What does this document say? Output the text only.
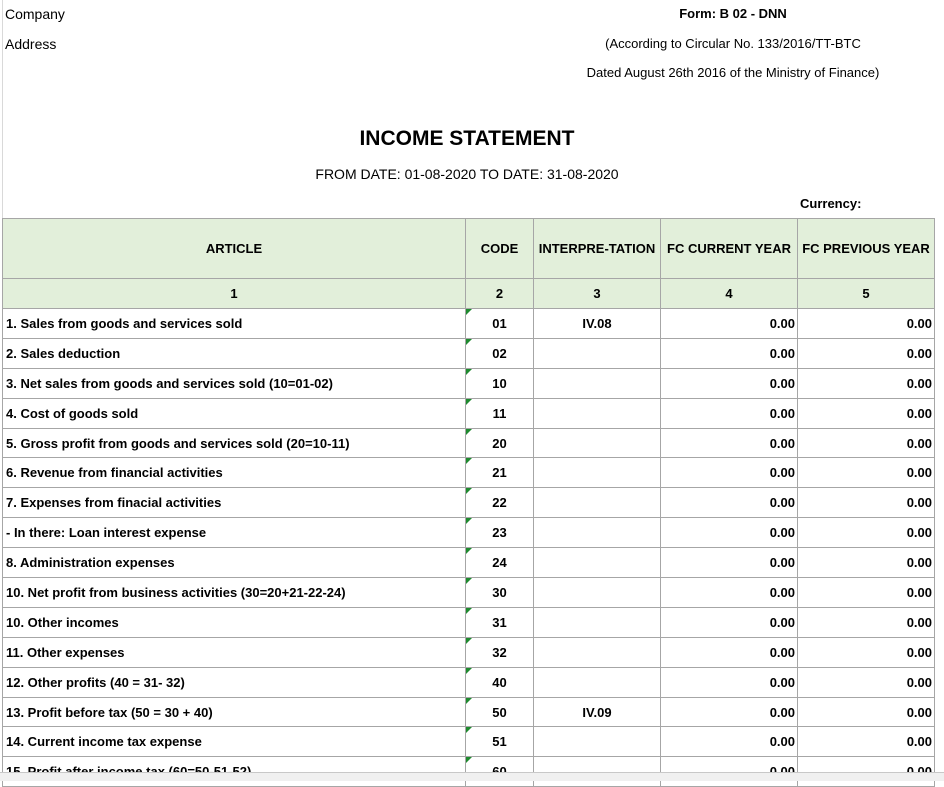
Company
Address
Form: B 02 - DNN
(According to Circular No. 133/2016/TT-BTC
Dated August 26th 2016 of the Ministry of Finance)
INCOME STATEMENT
FROM DATE: 01-08-2020 TO DATE: 31-08-2020
Currency:
ARTICLE	CODE	INTERPRE-TATION	FC CURRENT YEAR	FC PREVIOUS YEAR
1	2	3	4	5
1. Sales from goods and services sold	01	IV.08	0.00	0.00
2. Sales deduction	02		0.00	0.00
3. Net sales from goods and services sold (10=01-02)	10		0.00	0.00
4. Cost of goods sold	11		0.00	0.00
5. Gross profit from goods and services sold (20=10-11)	20		0.00	0.00
6. Revenue from financial activities	21		0.00	0.00
7. Expenses from finacial activities	22		0.00	0.00
- In there: Loan interest expense	23		0.00	0.00
8. Administration expenses	24		0.00	0.00
10. Net profit from business activities (30=20+21-22-24)	30		0.00	0.00
10. Other incomes	31		0.00	0.00
11. Other expenses	32		0.00	0.00
12. Other profits (40 = 31- 32)	40		0.00	0.00
13. Profit before tax (50 = 30 + 40)	50	IV.09	0.00	0.00
14. Current income tax expense	51		0.00	0.00
